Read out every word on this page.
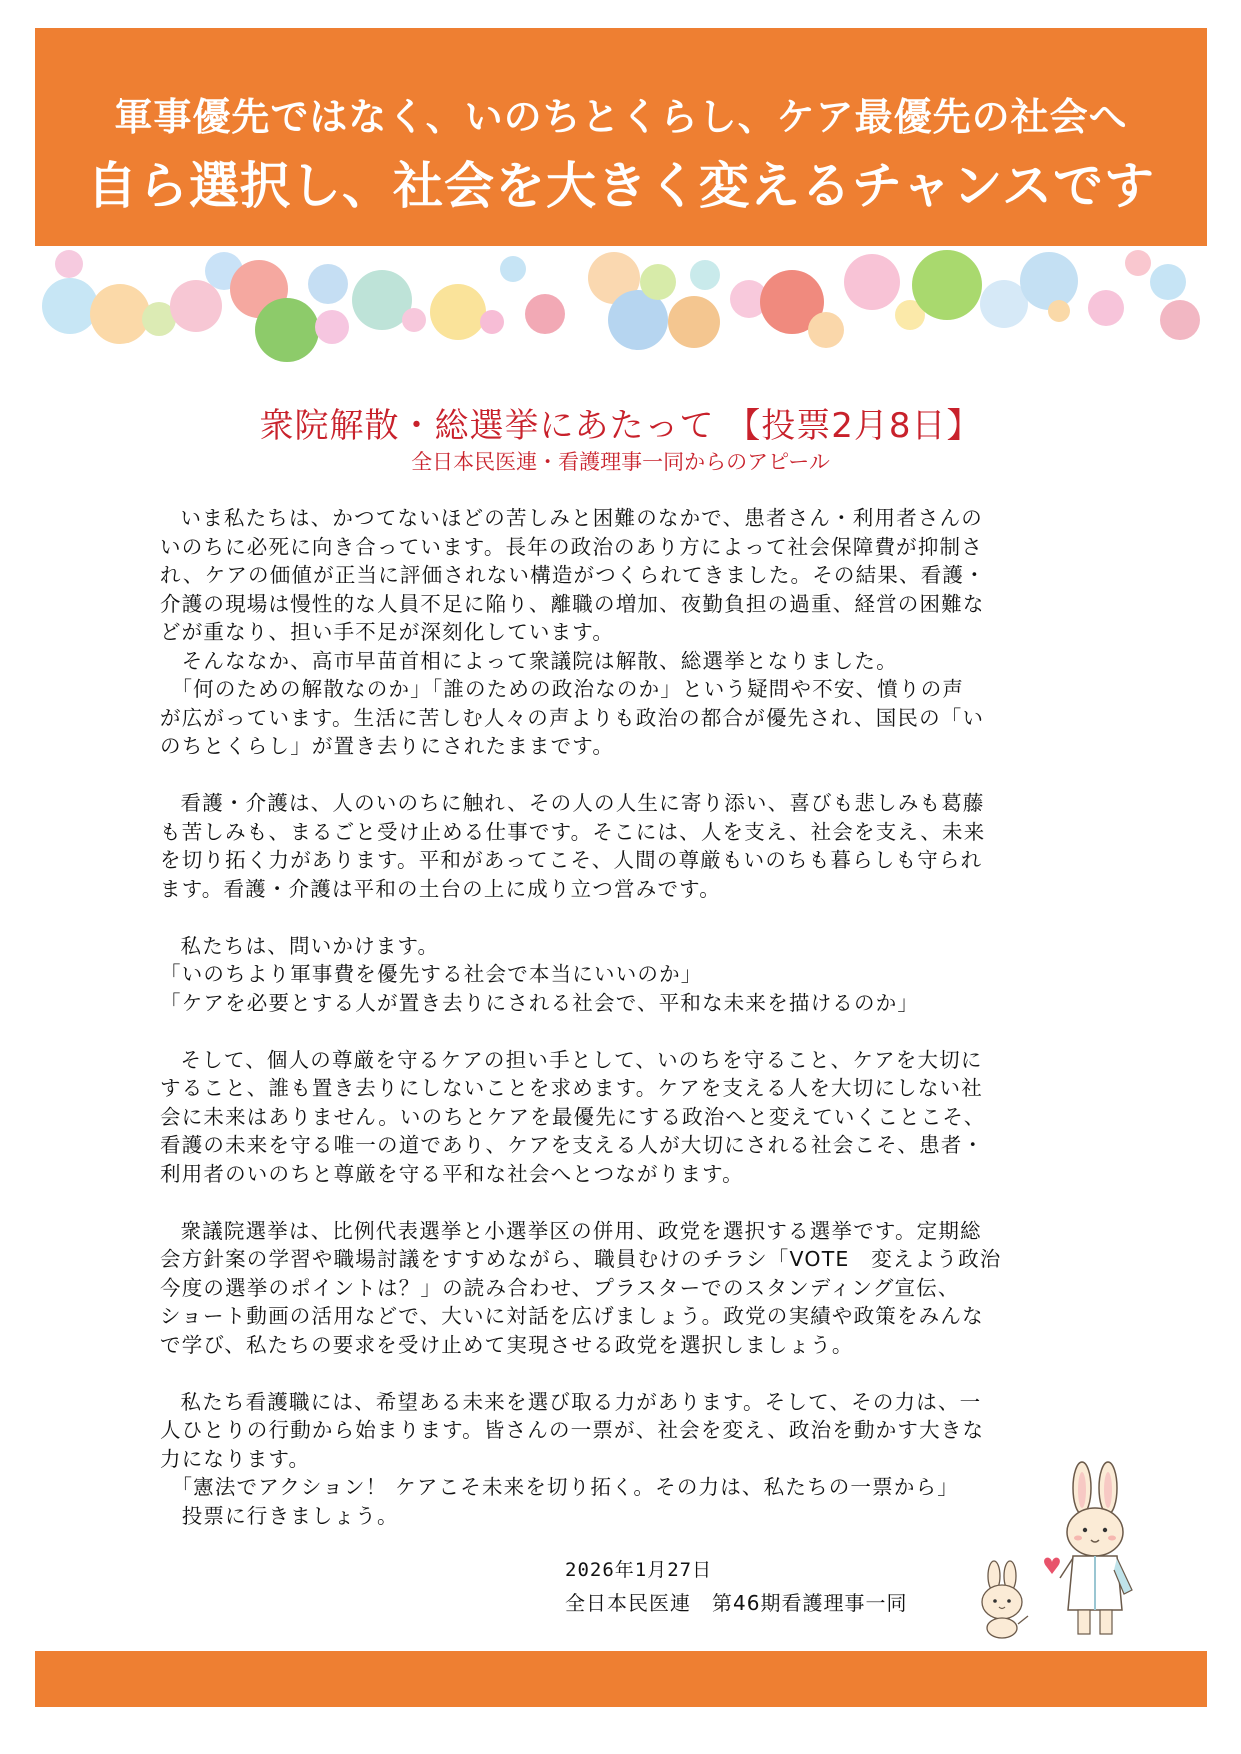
軍事優先ではなく、いのちとくらし、ケア最優先の社会へ
自ら選択し、社会を大きく変えるチャンスです
衆院解散・総選挙にあたって 【投票2月8日】
全日本民医連・看護理事一同からのアピール

いま私たちは、かつてないほどの苦しみと困難のなかで、患者さん・利用者さんの

いのちに必死に向き合っています。長年の政治のあり方によって社会保障費が抑制さ

れ、ケアの価値が正当に評価されない構造がつくられてきました。その結果、看護・

介護の現場は慢性的な人員不足に陥り、離職の増加、夜勤負担の過重、経営の困難な

どが重なり、担い手不足が深刻化しています。

　そんななか、高市早苗首相によって衆議院は解散、総選挙となりました。

　「何のための解散なのか」「誰のための政治なのか」という疑問や不安、憤りの声

が広がっています。生活に苦しむ人々の声よりも政治の都合が優先され、国民の「い

のちとくらし」が置き去りにされたままです。

看護・介護は、人のいのちに触れ、その人の人生に寄り添い、喜びも悲しみも葛藤

も苦しみも、まるごと受け止める仕事です。そこには、人を支え、社会を支え、未来

を切り拓く力があります。平和があってこそ、人間の尊厳もいのちも暮らしも守られ

ます。看護・介護は平和の土台の上に成り立つ営みです。

私たちは、問いかけます。

「いのちより軍事費を優先する社会で本当にいいのか」

「ケアを必要とする人が置き去りにされる社会で、平和な未来を描けるのか」

そして、個人の尊厳を守るケアの担い手として、いのちを守ること、ケアを大切に

すること、誰も置き去りにしないことを求めます。ケアを支える人を大切にしない社

会に未来はありません。いのちとケアを最優先にする政治へと変えていくことこそ、

看護の未来を守る唯一の道であり、ケアを支える人が大切にされる社会こそ、患者・

利用者のいのちと尊厳を守る平和な社会へとつながります。

衆議院選挙は、比例代表選挙と小選挙区の併用、政党を選択する選挙です。定期総

会方針案の学習や職場討議をすすめながら、職員むけのチラシ「VOTE　変えよう政治

今度の選挙のポイントは？」の読み合わせ、プラスターでのスタンディング宣伝、

ショート動画の活用などで、大いに対話を広げましょう。政党の実績や政策をみんな

で学び、私たちの要求を受け止めて実現させる政党を選択しましょう。

私たち看護職には、希望ある未来を選び取る力があります。そして、その力は、一

人ひとりの行動から始まります。皆さんの一票が、社会を変え、政治を動かす大きな

力になります。

　「憲法でアクション！ ケアこそ未来を切り拓く。その力は、私たちの一票から」

　投票に行きましょう。

2026年1月27日
全日本民医連　第46期看護理事一同
